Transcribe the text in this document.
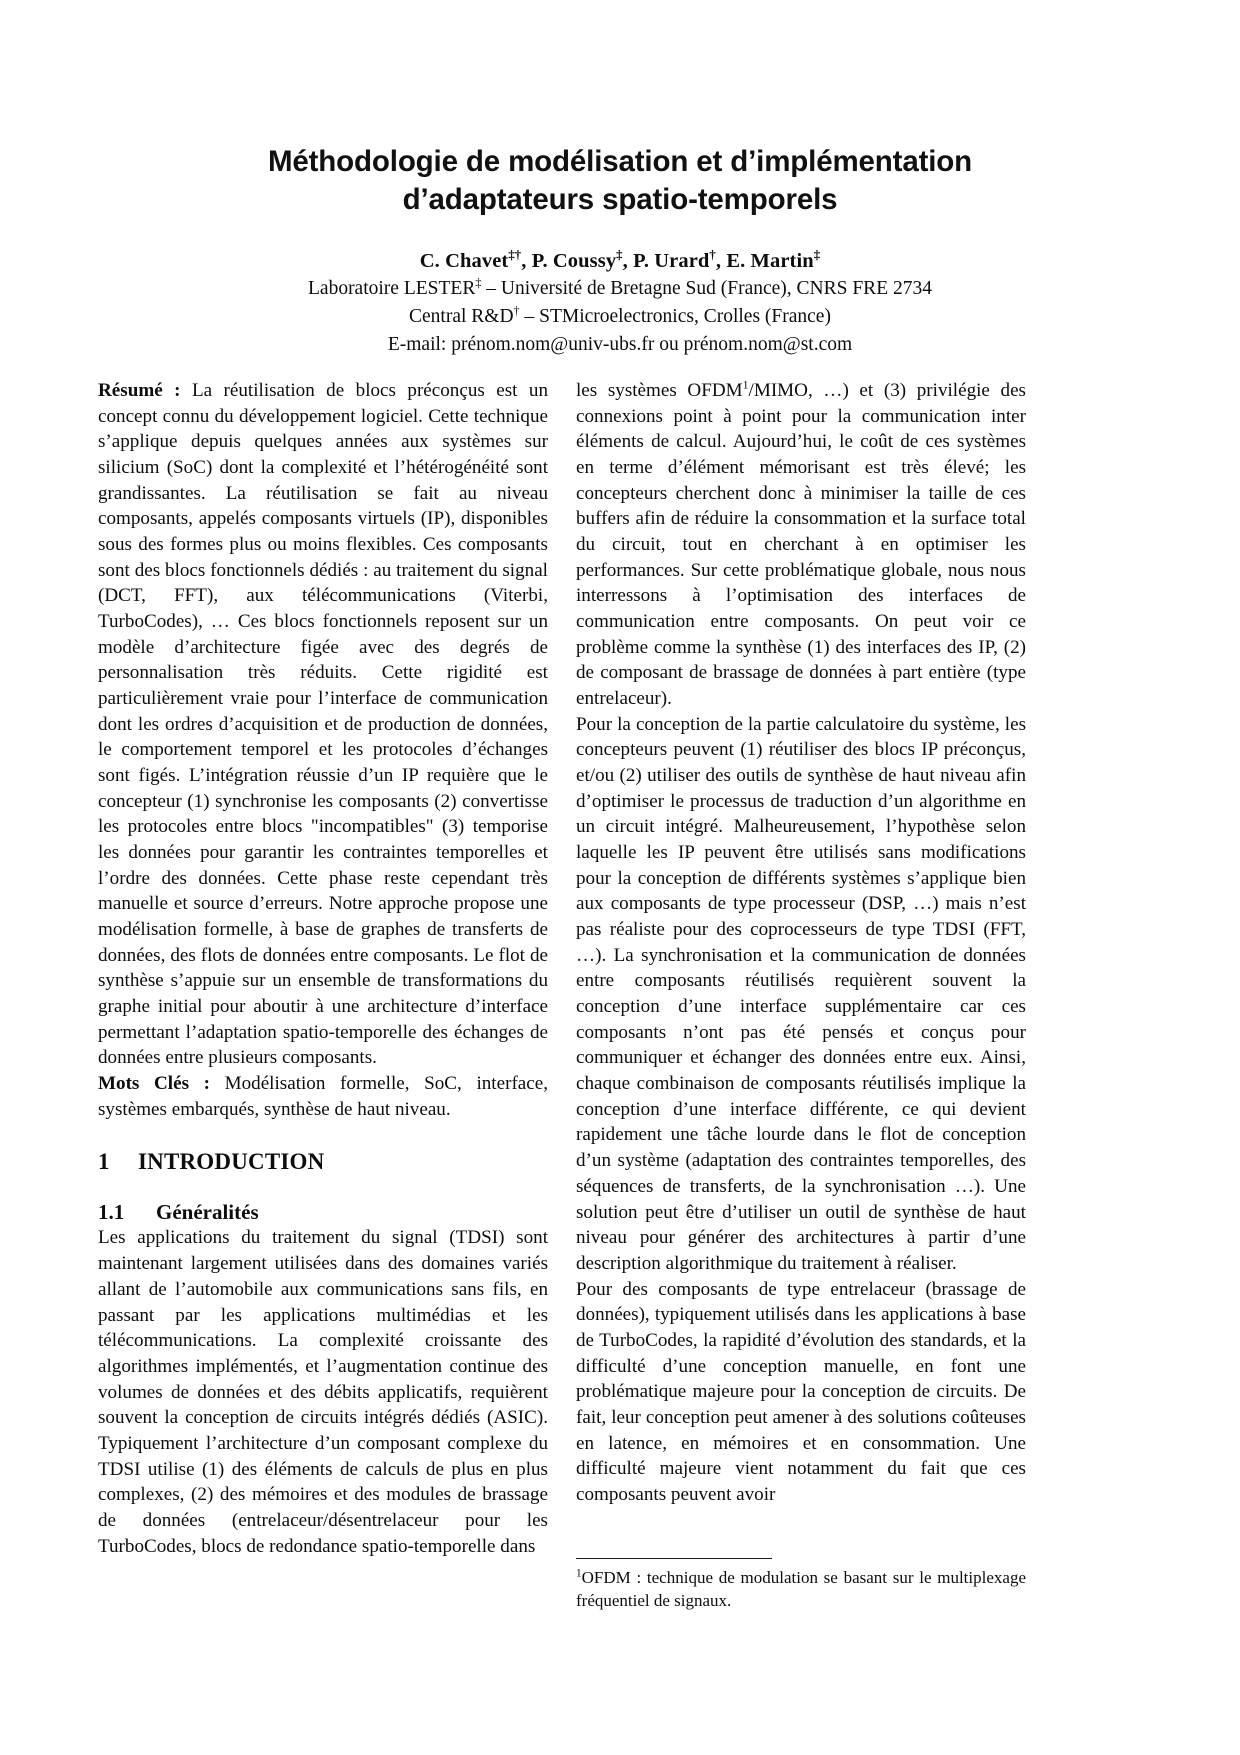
Méthodologie de modélisation et d’implémentation
d’adaptateurs spatio-temporels
C. Chavet‡†, P. Coussy‡, P. Urard†, E. Martin‡
Laboratoire LESTER‡ – Université de Bretagne Sud (France), CNRS FRE 2734
Central R&D† – STMicroelectronics, Crolles (France)
E-mail: prénom.nom@univ-ubs.fr ou prénom.nom@st.com

Résumé : La réutilisation de blocs préconçus est un concept connu du développement logiciel. Cette technique s’applique depuis quelques années aux systèmes sur silicium (SoC) dont la complexité et l’hétérogénéité sont grandissantes. La réutilisation se fait au niveau composants, appelés composants virtuels (IP), disponibles sous des formes plus ou moins flexibles. Ces composants sont des blocs fonctionnels dédiés : au traitement du signal (DCT, FFT), aux télécommunications (Viterbi, TurboCodes), … Ces blocs fonctionnels reposent sur un modèle d’architecture figée avec des degrés de personnalisation très réduits. Cette rigidité est particulièrement vraie pour l’interface de communication dont les ordres d’acquisition et de production de données, le comportement temporel et les protocoles d’échanges sont figés. L’intégration réussie d’un IP requière que le concepteur (1) synchronise les composants (2) convertisse les protocoles entre blocs "incompatibles" (3) temporise les données pour garantir les contraintes temporelles et l’ordre des données. Cette phase reste cependant très manuelle et source d’erreurs. Notre approche propose une modélisation formelle, à base de graphes de transferts de données, des flots de données entre composants. Le flot de synthèse s’appuie sur un ensemble de transformations du graphe initial pour aboutir à une architecture d’interface permettant l’adaptation spatio-temporelle des échanges de données entre plusieurs composants.

Mots Clés : Modélisation formelle, SoC, interface, systèmes embarqués, synthèse de haut niveau.

1 INTRODUCTION
1.1 Généralités

Les applications du traitement du signal (TDSI) sont maintenant largement utilisées dans des domaines variés allant de l’automobile aux communications sans fils, en passant par les applications multimédias et les télécommunications. La complexité croissante des algorithmes implémentés, et l’augmentation continue des volumes de données et des débits applicatifs, requièrent souvent la conception de circuits intégrés dédiés (ASIC). Typiquement l’architecture d’un composant complexe du TDSI utilise (1) des éléments de calculs de plus en plus complexes, (2) des mémoires et des modules de brassage de données (entrelaceur/désentrelaceur pour les TurboCodes, blocs de redondance spatio-temporelle dans

les systèmes OFDM$^1$/MIMO, …) et (3) privilégie des connexions point à point pour la communication inter éléments de calcul. Aujourd’hui, le coût de ces systèmes en terme d’élément mémorisant est très élevé; les concepteurs cherchent donc à minimiser la taille de ces buffers afin de réduire la consommation et la surface total du circuit, tout en cherchant à en optimiser les performances. Sur cette problématique globale, nous nous interressons à l’optimisation des interfaces de communication entre composants. On peut voir ce problème comme la synthèse (1) des interfaces des IP, (2) de composant de brassage de données à part entière (type entrelaceur).

Pour la conception de la partie calculatoire du système, les concepteurs peuvent (1) réutiliser des blocs IP préconçus, et/ou (2) utiliser des outils de synthèse de haut niveau afin d’optimiser le processus de traduction d’un algorithme en un circuit intégré. Malheureusement, l’hypothèse selon laquelle les IP peuvent être utilisés sans modifications pour la conception de différents systèmes s’applique bien aux composants de type processeur (DSP, …) mais n’est pas réaliste pour des coprocesseurs de type TDSI (FFT, …). La synchronisation et la communication de données entre composants réutilisés requièrent souvent la conception d’une interface supplémentaire car ces composants n’ont pas été pensés et conçus pour communiquer et échanger des données entre eux. Ainsi, chaque combinaison de composants réutilisés implique la conception d’une interface différente, ce qui devient rapidement une tâche lourde dans le flot de conception d’un système (adaptation des contraintes temporelles, des séquences de transferts, de la synchronisation …). Une solution peut être d’utiliser un outil de synthèse de haut niveau pour générer des architectures à partir d’une description algorithmique du traitement à réaliser.

Pour des composants de type entrelaceur (brassage de données), typiquement utilisés dans les applications à base de TurboCodes, la rapidité d’évolution des standards, et la difficulté d’une conception manuelle, en font une problématique majeure pour la conception de circuits. De fait, leur conception peut amener à des solutions coûteuses en latence, en mémoires et en consommation. Une difficulté majeure vient notamment du fait que ces composants peuvent avoir

$^1$OFDM : technique de modulation se basant sur le multiplexage fréquentiel de signaux.
